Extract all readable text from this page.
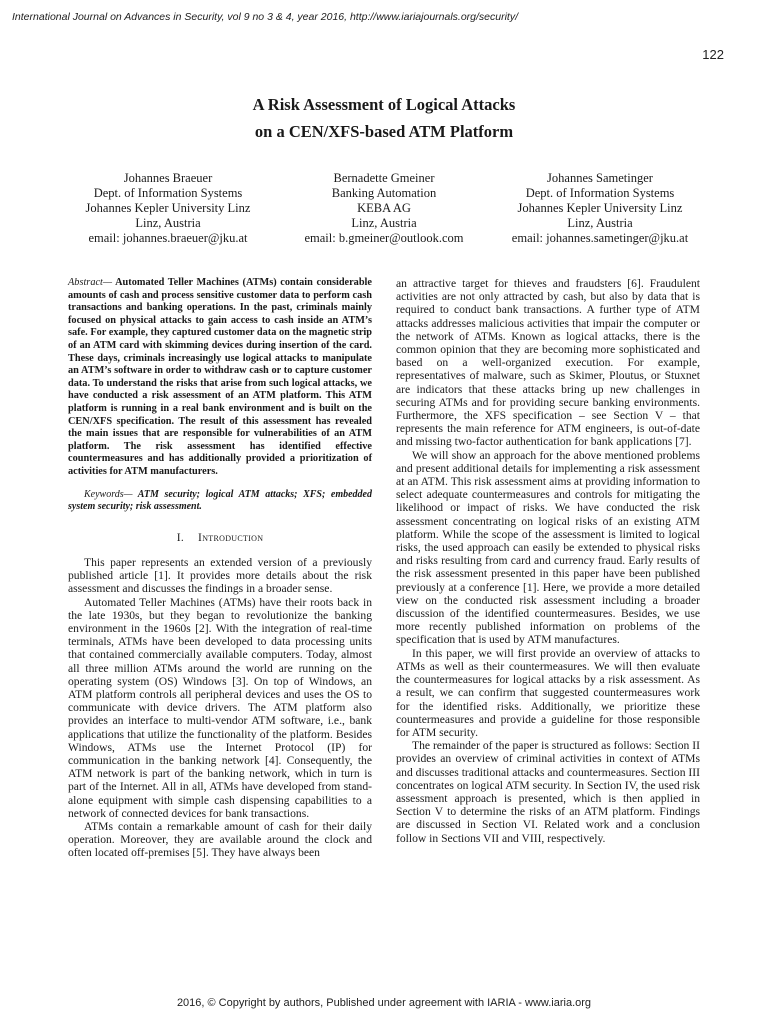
International Journal on Advances in Security, vol 9 no 3 & 4, year 2016, http://www.iariajournals.org/security/
122
A Risk Assessment of Logical Attacks
on a CEN/XFS-based ATM Platform
Johannes Braeuer
Dept. of Information Systems
Johannes Kepler University Linz
Linz, Austria
email: johannes.braeuer@jku.at
Bernadette Gmeiner
Banking Automation
KEBA AG
Linz, Austria
email: b.gmeiner@outlook.com
Johannes Sametinger
Dept. of Information Systems
Johannes Kepler University Linz
Linz, Austria
email: johannes.sametinger@jku.at

Abstract— Automated Teller Machines (ATMs) contain considerable amounts of cash and process sensitive customer data to perform cash transactions and banking operations. In the past, criminals mainly focused on physical attacks to gain access to cash inside an ATM’s safe. For example, they captured customer data on the magnetic strip of an ATM card with skimming devices during insertion of the card. These days, criminals increasingly use logical attacks to manipulate an ATM’s software in order to withdraw cash or to capture customer data. To understand the risks that arise from such logical attacks, we have conducted a risk assessment of an ATM platform. This ATM platform is running in a real bank environment and is built on the CEN/XFS specification. The result of this assessment has revealed the main issues that are responsible for vulnerabilities of an ATM platform. The risk assessment has identified effective countermeasures and has additionally provided a prioritization of activities for ATM manufacturers.

Keywords— ATM security; logical ATM attacks; XFS; embedded system security; risk assessment.

I. Introduction

This paper represents an extended version of a previously published article [1]. It provides more details about the risk assessment and discusses the findings in a broader sense.

Automated Teller Machines (ATMs) have their roots back in the late 1930s, but they began to revolutionize the banking environment in the 1960s [2]. With the integration of real-time terminals, ATMs have been developed to data processing units that contained commercially available computers. Today, almost all three million ATMs around the world are running on the operating system (OS) Windows [3]. On top of Windows, an ATM platform controls all peripheral devices and uses the OS to communicate with device drivers. The ATM platform also provides an interface to multi-vendor ATM software, i.e., bank applications that utilize the functionality of the platform. Besides Windows, ATMs use the Internet Protocol (IP) for communication in the banking network [4]. Consequently, the ATM network is part of the banking network, which in turn is part of the Internet. All in all, ATMs have developed from stand-alone equipment with simple cash dispensing capabilities to a network of connected devices for bank transactions.

ATMs contain a remarkable amount of cash for their daily operation. Moreover, they are available around the clock and often located off-premises [5]. They have always been

an attractive target for thieves and fraudsters [6]. Fraudulent activities are not only attracted by cash, but also by data that is required to conduct bank transactions. A further type of ATM attacks addresses malicious activities that impair the computer or the network of ATMs. Known as logical attacks, there is the common opinion that they are becoming more sophisticated and based on a well-organized execution. For example, representatives of malware, such as Skimer, Ploutus, or Stuxnet are indicators that these attacks bring up new challenges in securing ATMs and for providing secure banking environments. Furthermore, the XFS specification – see Section V – that represents the main reference for ATM engineers, is out-of-date and missing two-factor authentication for bank applications [7].

We will show an approach for the above mentioned problems and present additional details for implementing a risk assessment at an ATM. This risk assessment aims at providing information to select adequate countermeasures and controls for mitigating the likelihood or impact of risks. We have conducted the risk assessment concentrating on logical risks of an existing ATM platform. While the scope of the assessment is limited to logical risks, the used approach can easily be extended to physical risks and risks resulting from card and currency fraud. Early results of the risk assessment presented in this paper have been published previously at a conference [1]. Here, we provide a more detailed view on the conducted risk assessment including a broader discussion of the identified countermeasures. Besides, we use more recently published information on problems of the specification that is used by ATM manufactures.

In this paper, we will first provide an overview of attacks to ATMs as well as their countermeasures. We will then evaluate the countermeasures for logical attacks by a risk assessment. As a result, we can confirm that suggested countermeasures work for the identified risks. Additionally, we prioritize these countermeasures and provide a guideline for those responsible for ATM security.

The remainder of the paper is structured as follows: Section II provides an overview of criminal activities in context of ATMs and discusses traditional attacks and countermeasures. Section III concentrates on logical ATM security. In Section IV, the used risk assessment approach is presented, which is then applied in Section V to determine the risks of an ATM platform. Findings are discussed in Section VI. Related work and a conclusion follow in Sections VII and VIII, respectively.

2016, © Copyright by authors, Published under agreement with IARIA - www.iaria.org
